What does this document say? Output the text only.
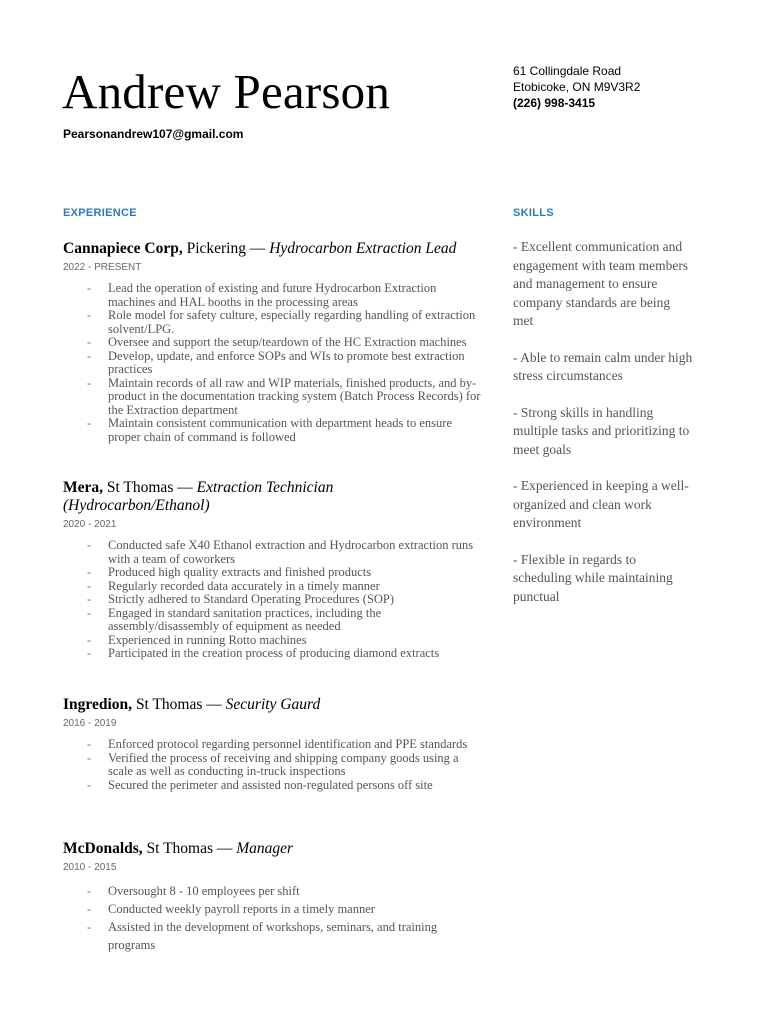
Andrew Pearson
Pearsonandrew107@gmail.com
61 Collingdale Road
Etobicoke, ON M9V3R2
(226) 998-3415
EXPERIENCE	SKILLS
Cannapiece Corp, Pickering — Hydrocarbon Extraction Lead
2022 - PRESENT
- Lead the operation of existing and future Hydrocarbon Extraction machines and HAL booths in the processing areas
- Role model for safety culture, especially regarding handling of extraction solvent/LPG.
- Oversee and support the setup/teardown of the HC Extraction machines
- Develop, update, and enforce SOPs and WIs to promote best extraction practices
- Maintain records of all raw and WIP materials, finished products, and by-product in the documentation tracking system (Batch Process Records) for the Extraction department
- Maintain consistent communication with department heads to ensure proper chain of command is followed
Mera, St Thomas — Extraction Technician (Hydrocarbon/Ethanol)
2020 - 2021
- Conducted safe X40 Ethanol extraction and Hydrocarbon extraction runs with a team of coworkers
- Produced high quality extracts and finished products
- Regularly recorded data accurately in a timely manner
- Strictly adhered to Standard Operating Procedures (SOP)
- Engaged in standard sanitation practices, including the assembly/disassembly of equipment as needed
- Experienced in running Rotto machines
- Participated in the creation process of producing diamond extracts
Ingredion, St Thomas — Security Gaurd
2016 - 2019
- Enforced protocol regarding personnel identification and PPE standards
- Verified the process of receiving and shipping company goods using a scale as well as conducting in-truck inspections
- Secured the perimeter and assisted non-regulated persons off site
McDonalds, St Thomas — Manager
2010 - 2015
- Oversought 8 - 10 employees per shift
- Conducted weekly payroll reports in a timely manner
- Assisted in the development of workshops, seminars, and training programs
- Excellent communication and engagement with team members and management to ensure company standards are being met
- Able to remain calm under high stress circumstances
- Strong skills in handling multiple tasks and prioritizing to meet goals
- Experienced in keeping a well-organized and clean work environment
- Flexible in regards to scheduling while maintaining punctual
